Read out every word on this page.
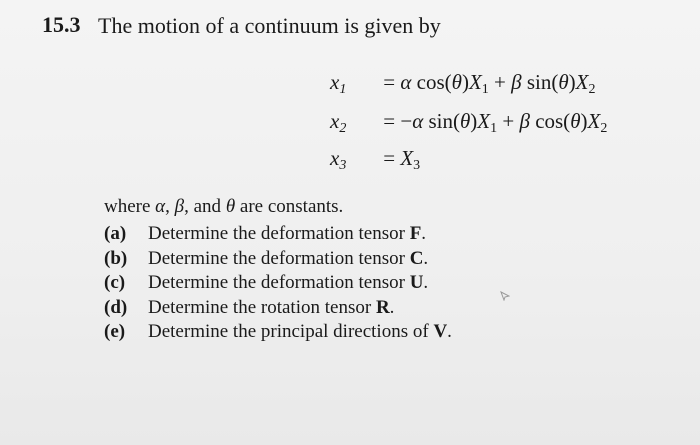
15.3 The motion of a continuum is given by
$x_1 = \alpha$ $\cos(\theta)X_1 + \beta$ $\sin(\theta)X_2$
$x_2 = -\alpha$ $\sin(\theta)X_1 + \beta$ $\cos(\theta)X_2$
$x_3 = X_3$
where α, β, and θ are constants.
(a)	Determine the deformation tensor F.
(b)	Determine the deformation tensor C.
(c)	Determine the deformation tensor U.
(d)	Determine the rotation tensor R.
(e)	Determine the principal directions of V.
